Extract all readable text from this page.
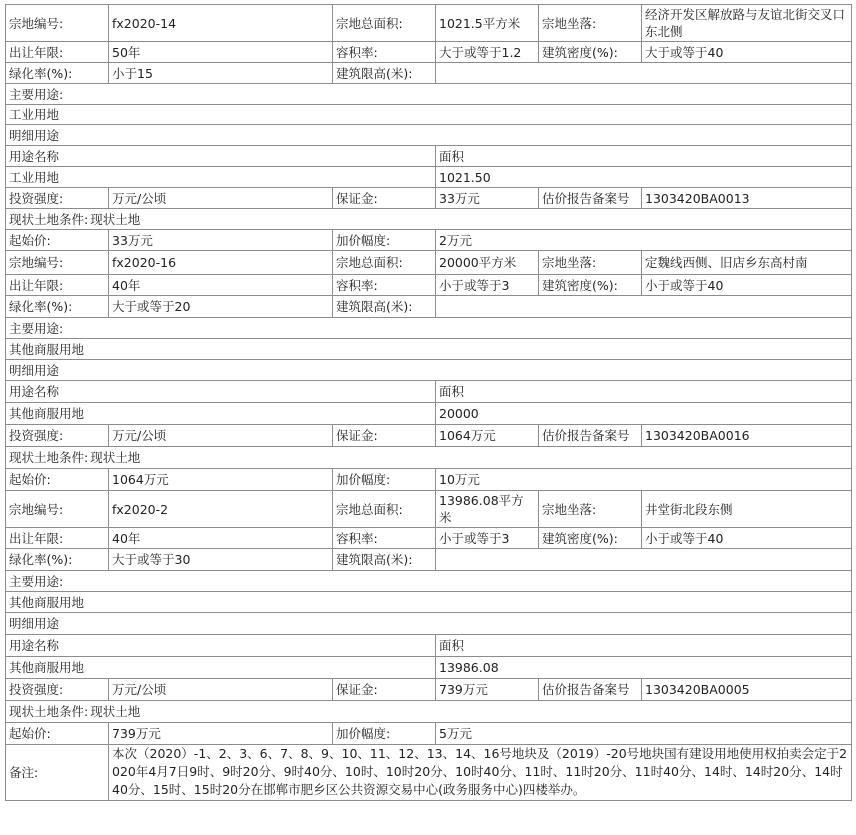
宗地编号:	fx2020-14	宗地总面积:	1021.5平方米	宗地坐落:	经济开发区解放路与友谊北街交叉口东北侧
出让年限:	50年	容积率:	大于或等于1.2	建筑密度(%):	大于或等于40
绿化率(%):	小于15	建筑限高(米):			
主要用途:					
工业用地					
明细用途					
用途名称			面积		
工业用地			1021.50		
投资强度:	万元/公顷	保证金:	33万元	估价报告备案号	1303420BA0013
现状土地条件: 现状土地					
起始价:	33万元	加价幅度:	2万元		
宗地编号:	fx2020-16	宗地总面积:	20000平方米	宗地坐落:	定魏线西侧、旧店乡东高村南
出让年限:	40年	容积率:	小于或等于3	建筑密度(%):	小于或等于40
绿化率(%):	大于或等于20	建筑限高(米):			
主要用途:					
其他商服用地					
明细用途					
用途名称			面积		
其他商服用地			20000		
投资强度:	万元/公顷	保证金:	1064万元	估价报告备案号	1303420BA0016
现状土地条件: 现状土地					
起始价:	1064万元	加价幅度:	10万元		
宗地编号:	fx2020-2	宗地总面积:	13986.08平方米	宗地坐落:	井堂街北段东侧
出让年限:	40年	容积率:	小于或等于3	建筑密度(%):	小于或等于40
绿化率(%):	大于或等于30	建筑限高(米):			
主要用途:					
其他商服用地					
明细用途					
用途名称			面积		
其他商服用地			13986.08		
投资强度:	万元/公顷	保证金:	739万元	估价报告备案号	1303420BA0005
现状土地条件: 现状土地					
起始价:	739万元	加价幅度:	5万元		
备注:	本次（2020）-1、2、3、6、7、8、9、10、11、12、13、14、16号地块及（2019）-20号地块国有建设用地使用权拍卖会定于2020年4月7日9时、9时20分、9时40分、10时、10时20分、10时40分、11时、11时20分、11时40分、14时、14时20分、14时40分、15时、15时20分在邯郸市肥乡区公共资源交易中心(政务服务中心)四楼举办。				
